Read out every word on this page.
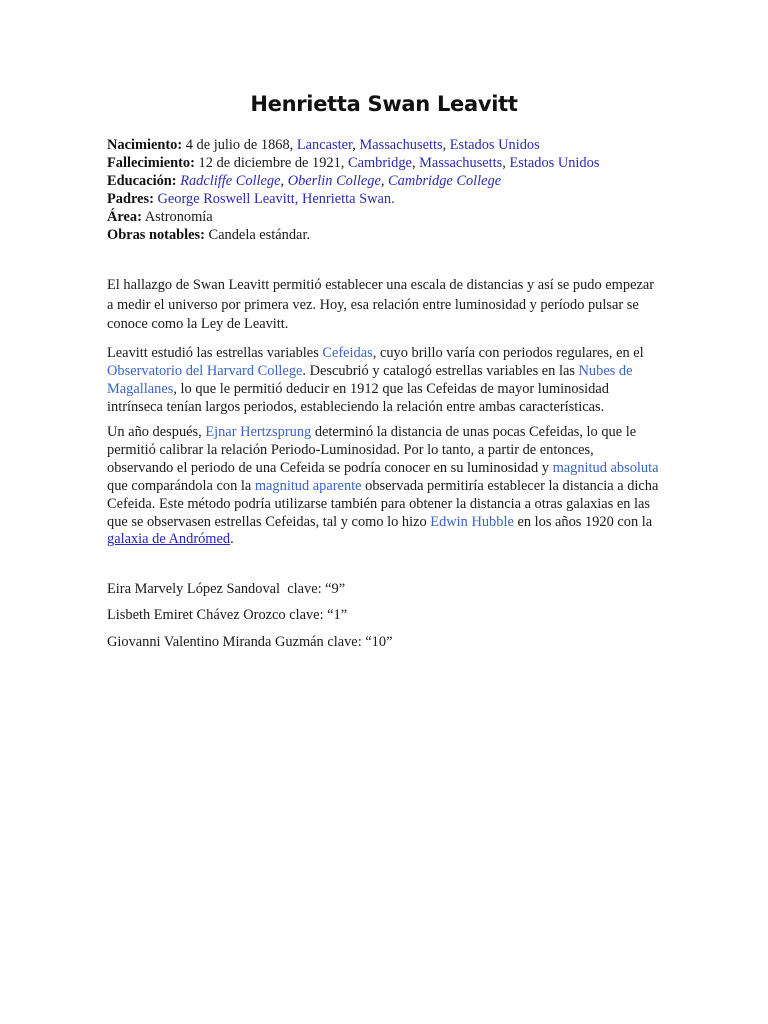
Henrietta Swan Leavitt
Nacimiento: 4 de julio de 1868, Lancaster, Massachusetts, Estados Unidos
Fallecimiento: 12 de diciembre de 1921, Cambridge, Massachusetts, Estados Unidos
Educación: Radcliffe College, Oberlin College, Cambridge College
Padres: George Roswell Leavitt, Henrietta Swan.
Área: Astronomía
Obras notables: Candela estándar.

El hallazgo de Swan Leavitt permitió establecer una escala de distancias y así se pudo empezar a medir el universo por primera vez. Hoy, esa relación entre luminosidad y período pulsar se conoce como la Ley de Leavitt.

Leavitt estudió las estrellas variables Cefeidas, cuyo brillo varía con periodos regulares, en el Observatorio del Harvard College. Descubrió y catalogó estrellas variables en las Nubes de Magallanes, lo que le permitió deducir en 1912 que las Cefeidas de mayor luminosidad intrínseca tenían largos periodos, estableciendo la relación entre ambas características.

Un año después, Ejnar Hertzsprung determinó la distancia de unas pocas Cefeidas, lo que le permitió calibrar la relación Periodo-Luminosidad. Por lo tanto, a partir de entonces, observando el periodo de una Cefeida se podría conocer en su luminosidad y magnitud absoluta que comparándola con la magnitud aparente observada permitiría establecer la distancia a dicha Cefeida. Este método podría utilizarse también para obtener la distancia a otras galaxias en las que se observasen estrellas Cefeidas, tal y como lo hizo Edwin Hubble en los años 1920 con la galaxia de Andrómed.

Eira Marvely López Sandoval  clave: “9”

Lisbeth Emiret Chávez Orozco clave: “1”

Giovanni Valentino Miranda Guzmán clave: “10”
